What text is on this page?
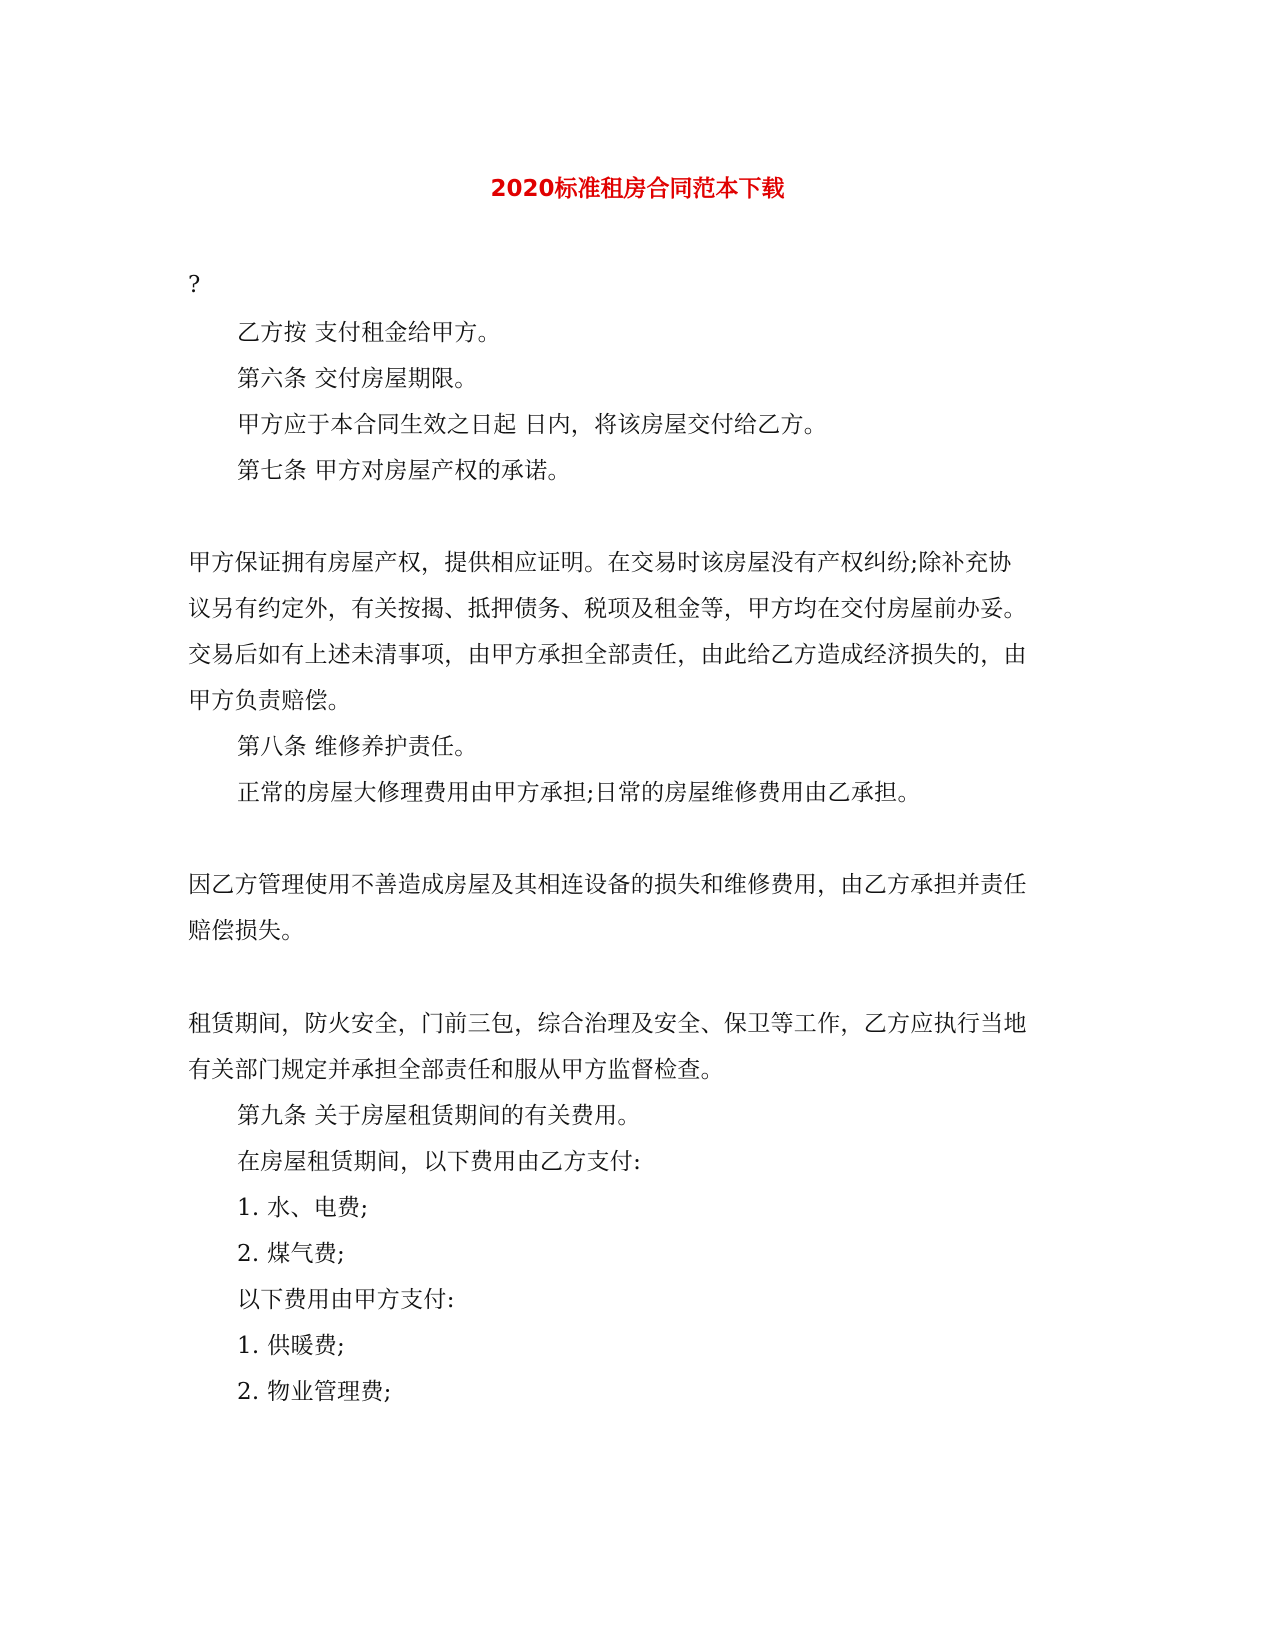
2020标准租房合同范本下载
?
乙方按 支付租金给甲方。
第六条 交付房屋期限。
甲方应于本合同生效之日起 日内，将该房屋交付给乙方。
第七条 甲方对房屋产权的承诺。
甲方保证拥有房屋产权，提供相应证明。在交易时该房屋没有产权纠纷;除补充协
议另有约定外，有关按揭、抵押债务、税项及租金等，甲方均在交付房屋前办妥。
交易后如有上述未清事项，由甲方承担全部责任，由此给乙方造成经济损失的，由
甲方负责赔偿。
第八条 维修养护责任。
正常的房屋大修理费用由甲方承担;日常的房屋维修费用由乙承担。
因乙方管理使用不善造成房屋及其相连设备的损失和维修费用，由乙方承担并责任
赔偿损失。
租赁期间，防火安全，门前三包，综合治理及安全、保卫等工作，乙方应执行当地
有关部门规定并承担全部责任和服从甲方监督检查。
第九条 关于房屋租赁期间的有关费用。
在房屋租赁期间，以下费用由乙方支付:
1. 水、电费;
2. 煤气费;
以下费用由甲方支付:
1. 供暖费;
2. 物业管理费;
